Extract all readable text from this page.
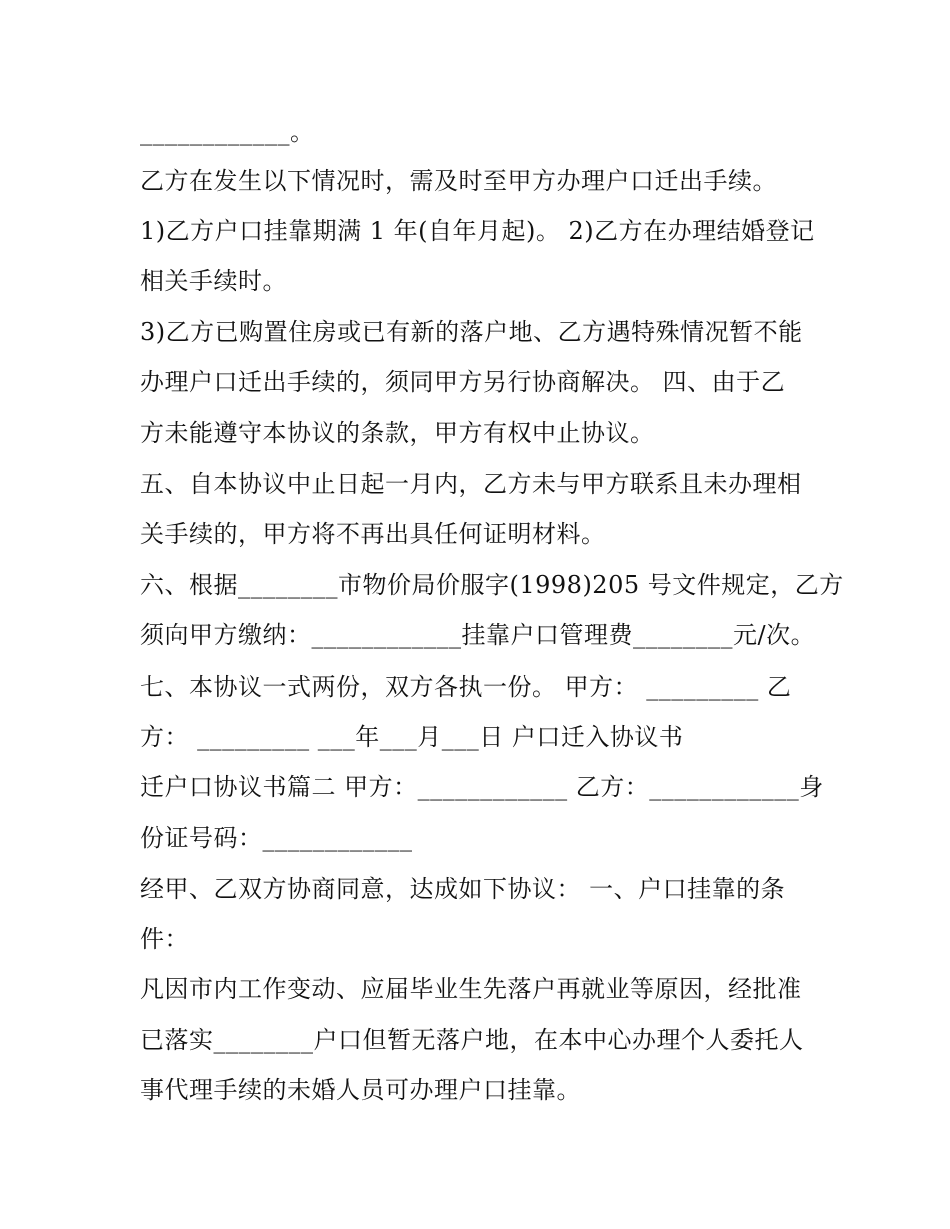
____________。
乙方在发生以下情况时，需及时至甲方办理户口迁出手续。
1)乙方户口挂靠期满 1 年(自年月起)。 2)乙方在办理结婚登记
相关手续时。
3)乙方已购置住房或已有新的落户地、乙方遇特殊情况暂不能
办理户口迁出手续的，须同甲方另行协商解决。 四、由于乙
方未能遵守本协议的条款，甲方有权中止协议。
五、自本协议中止日起一月内，乙方未与甲方联系且未办理相
关手续的，甲方将不再出具任何证明材料。
六、根据________市物价局价服字(1998)205 号文件规定，乙方
须向甲方缴纳：____________挂靠户口管理费________元/次。
七、本协议一式两份，双方各执一份。 甲方： _________ 乙
方： _________ ___年___月___日 户口迁入协议书
迁户口协议书篇二 甲方：____________ 乙方：____________身
份证号码：____________
经甲、乙双方协商同意，达成如下协议： 一、户口挂靠的条
件：
凡因市内工作变动、应届毕业生先落户再就业等原因，经批准
已落实________户口但暂无落户地，在本中心办理个人委托人
事代理手续的未婚人员可办理户口挂靠。
